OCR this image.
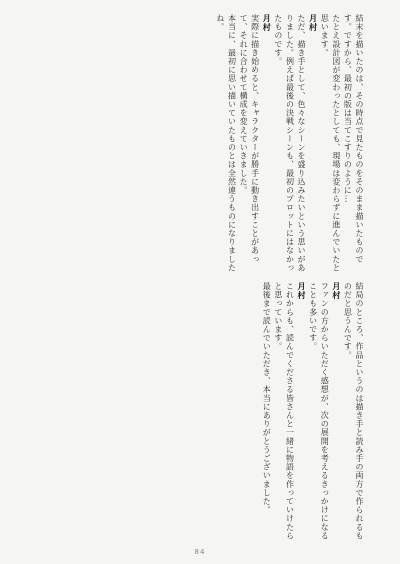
結末を描いたのは、その時点で見たものをそのまま描いたものです。ですから、最初の版は当てこすりのように…

たとえ設計図が変わったとしても、現場は変わらずに進んでいたと思います。

月村

ただ、描き手として、色々なシーンを盛り込みたいという思いがありました。例えば最後の決戦シーンも、最初のプロットにはなかったものです。

月村

実際に描き始めると、キャラクターが勝手に動き出すことがあって、それに合わせて構成を変えていきました。

本当に、最初に思い描いていたものとは全然違うものになりましたね。

結局のところ、作品というのは描き手と読み手の両方で作られるものだと思うんです。

月村

ファンの方からいただく感想が、次の展開を考えるきっかけになることも多いです。

月村

これからも、読んでくださる皆さんと一緒に物語を作っていけたらと思っています。

最後まで読んでいただき、本当にありがとうございました。

84
